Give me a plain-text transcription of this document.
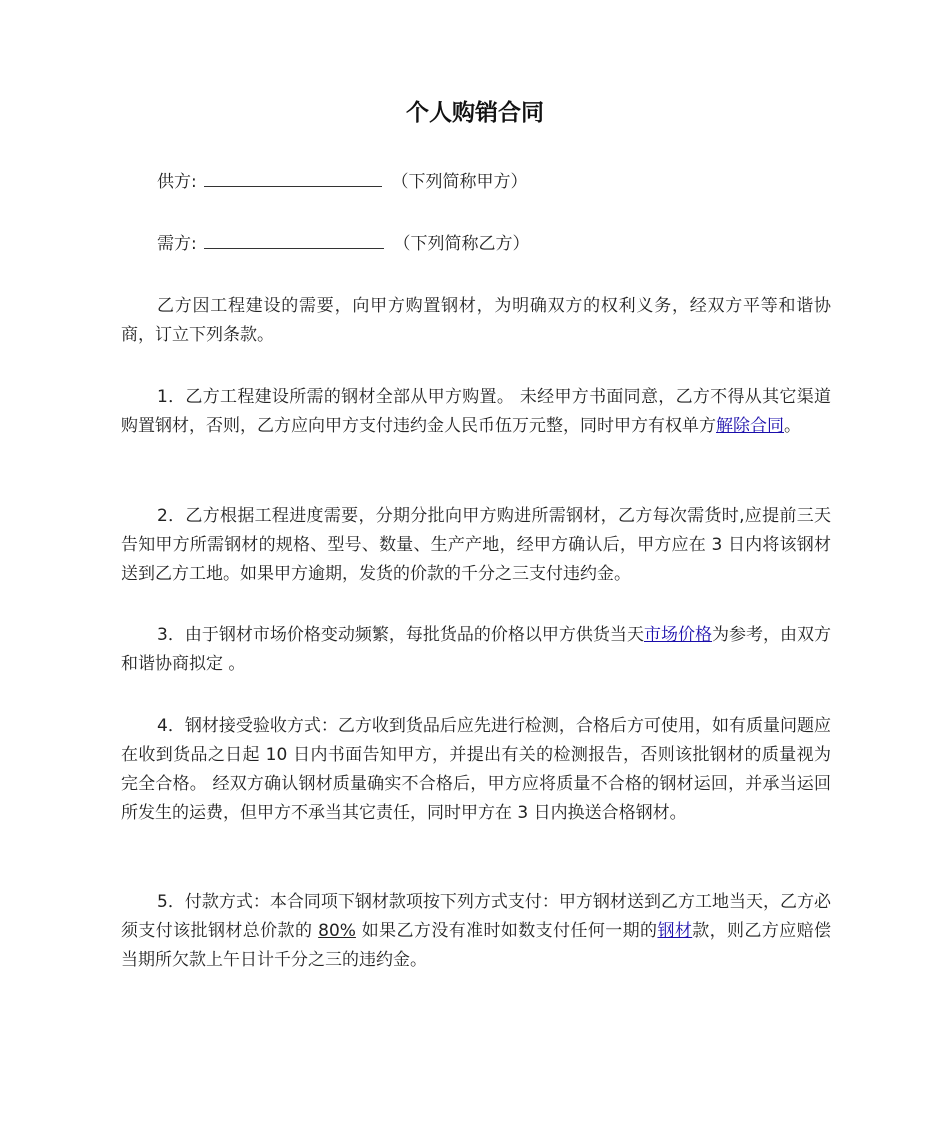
个人购销合同
供方:	（下列简称甲方）
需方:	（下列简称乙方）

乙方因工程建设的需要，向甲方购置钢材，为明确双方的权利义务，经双方平等和谐协商，订立下列条款。

1．乙方工程建设所需的钢材全部从甲方购置。 未经甲方书面同意，乙方不得从其它渠道购置钢材，否则，乙方应向甲方支付违约金人民币伍万元整，同时甲方有权单方解除合同。

2．乙方根据工程进度需要，分期分批向甲方购进所需钢材，乙方每次需货时,应提前三天告知甲方所需钢材的规格、型号、数量、生产产地，经甲方确认后，甲方应在 3 日内将该钢材送到乙方工地。如果甲方逾期，发货的价款的千分之三支付违约金。

3．由于钢材市场价格变动频繁，每批货品的价格以甲方供货当天市场价格为参考，由双方和谐协商拟定 。

4．钢材接受验收方式：乙方收到货品后应先进行检测，合格后方可使用，如有质量问题应在收到货品之日起 10 日内书面告知甲方，并提出有关的检测报告，否则该批钢材的质量视为完全合格。 经双方确认钢材质量确实不合格后，甲方应将质量不合格的钢材运回，并承当运回所发生的运费，但甲方不承当其它责任，同时甲方在 3 日内换送合格钢材。

5．付款方式：本合同项下钢材款项按下列方式支付：甲方钢材送到乙方工地当天，乙方必须支付该批钢材总价款的 80% 如果乙方没有准时如数支付任何一期的钢材款，则乙方应赔偿当期所欠款上午日计千分之三的违约金。
